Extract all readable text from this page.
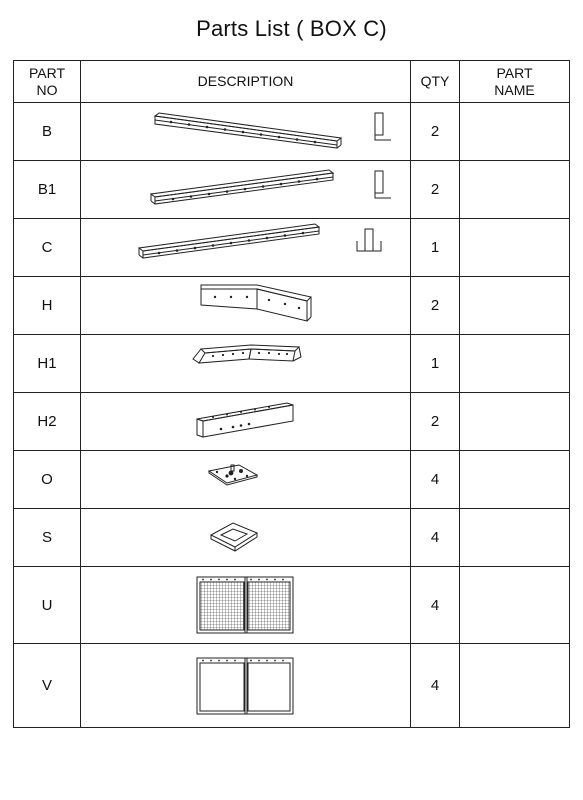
Parts List ( BOX C)
PART
NO	DESCRIPTION	QTY	PART
NAME
B		2	
B1		2	
C		1	
H		2	
H1		1	
H2		2	
O		4	
S		4	
U		4	
V		4	
